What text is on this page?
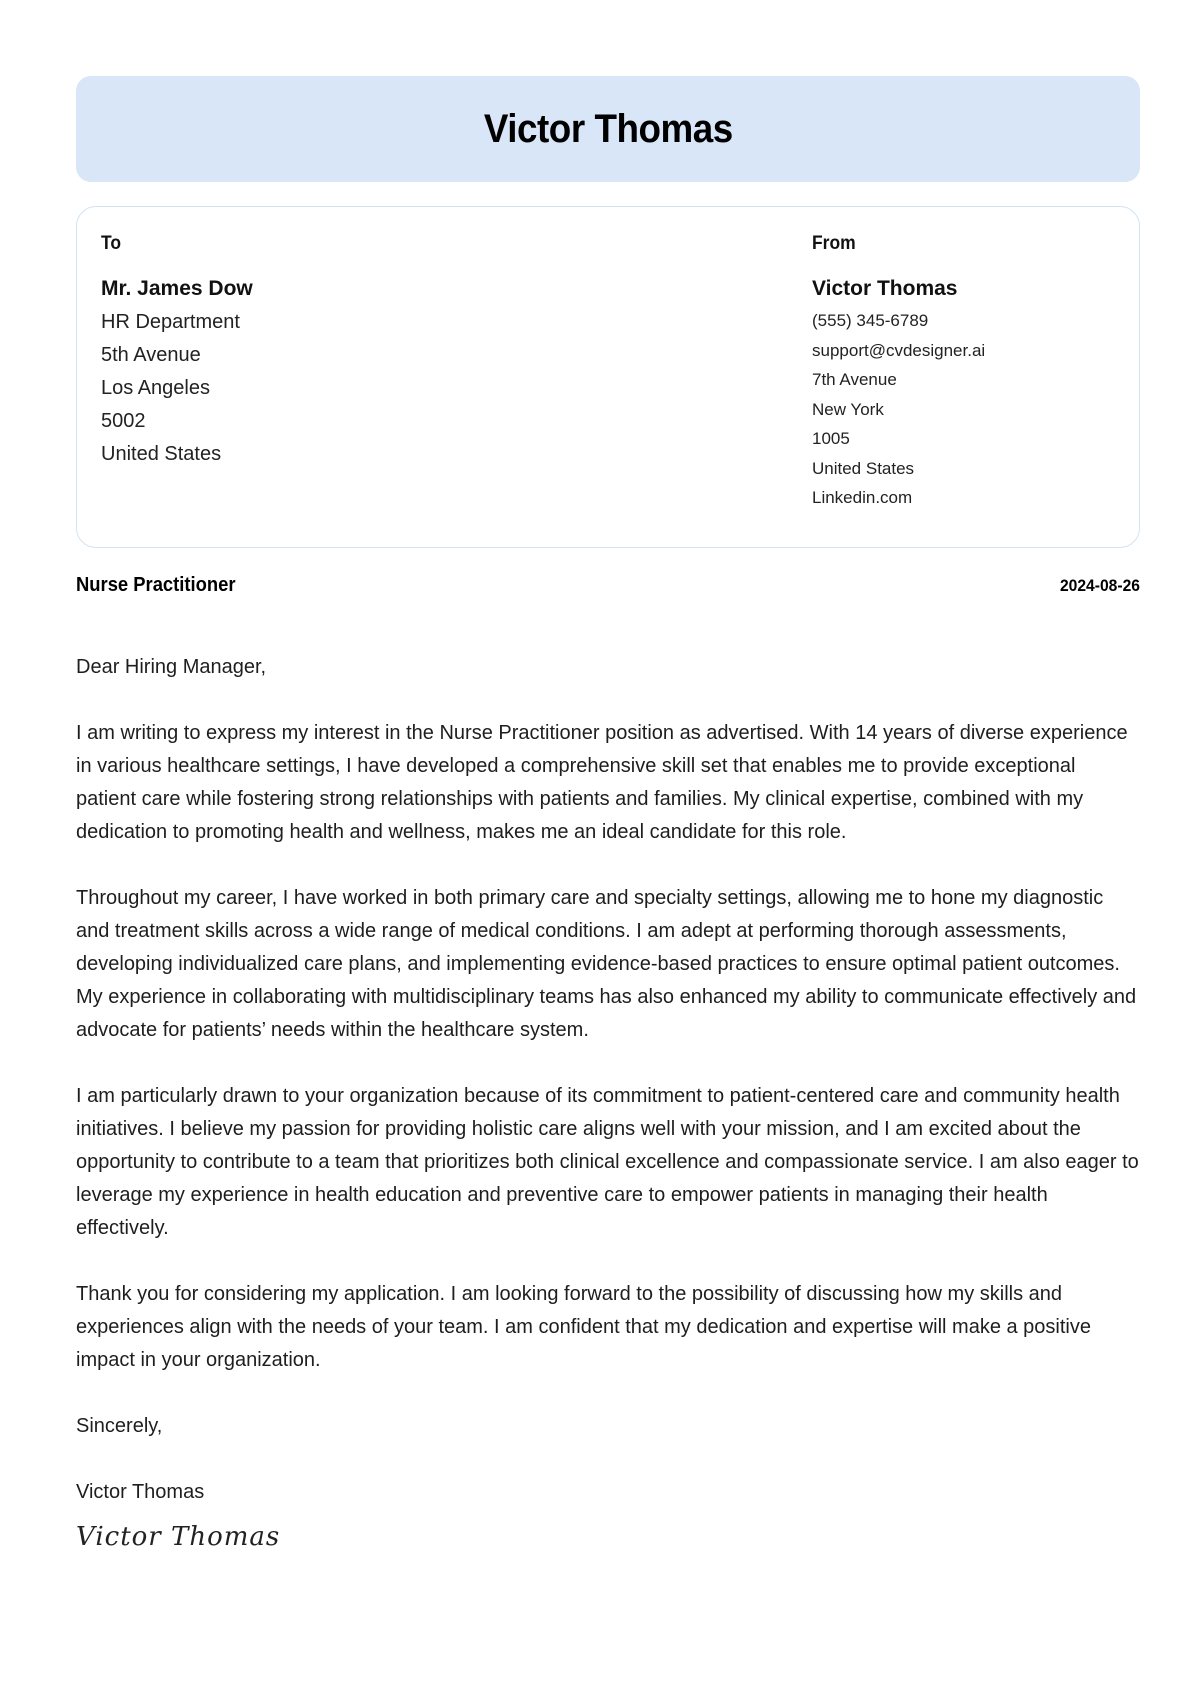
Victor Thomas
To
Mr. James Dow
HR Department
5th Avenue
Los Angeles
5002
United States
From
Victor Thomas
(555) 345-6789
support@cvdesigner.ai
7th Avenue
New York
1005
United States
Linkedin.com
Nurse Practitioner	2024-08-26

Dear Hiring Manager,

I am writing to express my interest in the Nurse Practitioner position as advertised. With 14 years of diverse experience in various healthcare settings, I have developed a comprehensive skill set that enables me to provide exceptional patient care while fostering strong relationships with patients and families. My clinical expertise, combined with my dedication to promoting health and wellness, makes me an ideal candidate for this role.

Throughout my career, I have worked in both primary care and specialty settings, allowing me to hone my diagnostic and treatment skills across a wide range of medical conditions. I am adept at performing thorough assessments, developing individualized care plans, and implementing evidence-based practices to ensure optimal patient outcomes. My experience in collaborating with multidisciplinary teams has also enhanced my ability to communicate effectively and advocate for patients’ needs within the healthcare system.

I am particularly drawn to your organization because of its commitment to patient-centered care and community health initiatives. I believe my passion for providing holistic care aligns well with your mission, and I am excited about the opportunity to contribute to a team that prioritizes both clinical excellence and compassionate service. I am also eager to leverage my experience in health education and preventive care to empower patients in managing their health effectively.

Thank you for considering my application. I am looking forward to the possibility of discussing how my skills and experiences align with the needs of your team. I am confident that my dedication and expertise will make a positive impact in your organization.

Sincerely,

Victor Thomas

Victor Thomas
